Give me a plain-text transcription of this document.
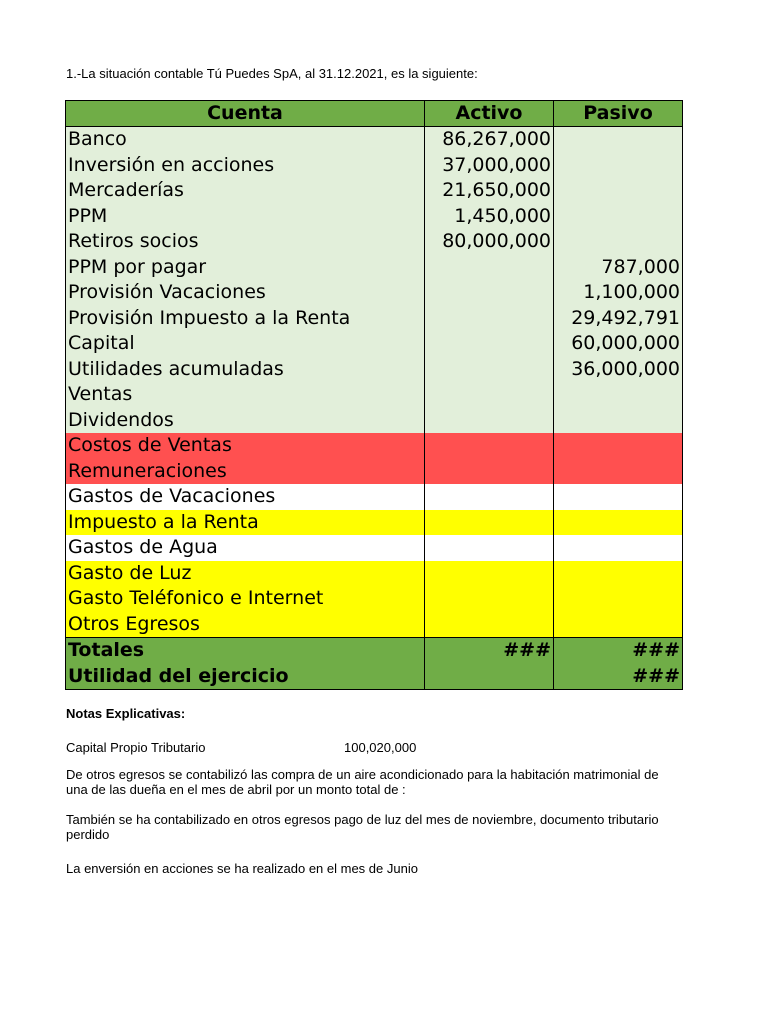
1.-La situación contable Tú Puedes SpA, al 31.12.2021, es la siguiente:
Cuenta	Activo	Pasivo
Banco	86,267,000	
Inversión en acciones	37,000,000	
Mercaderías	21,650,000	
PPM	1,450,000	
Retiros socios	80,000,000	
PPM por pagar		787,000
Provisión Vacaciones		1,100,000
Provisión Impuesto a la Renta		29,492,791
Capital		60,000,000
Utilidades acumuladas		36,000,000
Ventas		
Dividendos		
Costos de Ventas		
Remuneraciones		
Gastos de Vacaciones		
Impuesto a la Renta		
Gastos de Agua		
Gasto de Luz		
Gasto Teléfonico e Internet		
Otros Egresos		
Totales	###	###
Utilidad del ejercicio		###
Notas Explicativas:
Capital Propio Tributario	100,020,000
De otros egresos se contabilizó las compra de un aire acondicionado para la habitación matrimonial de una de las dueña en el mes de abril por un monto total de :
También se ha contabilizado en otros egresos pago de luz del mes de noviembre, documento tributario perdido
La enversión en acciones se ha realizado en el mes de Junio
